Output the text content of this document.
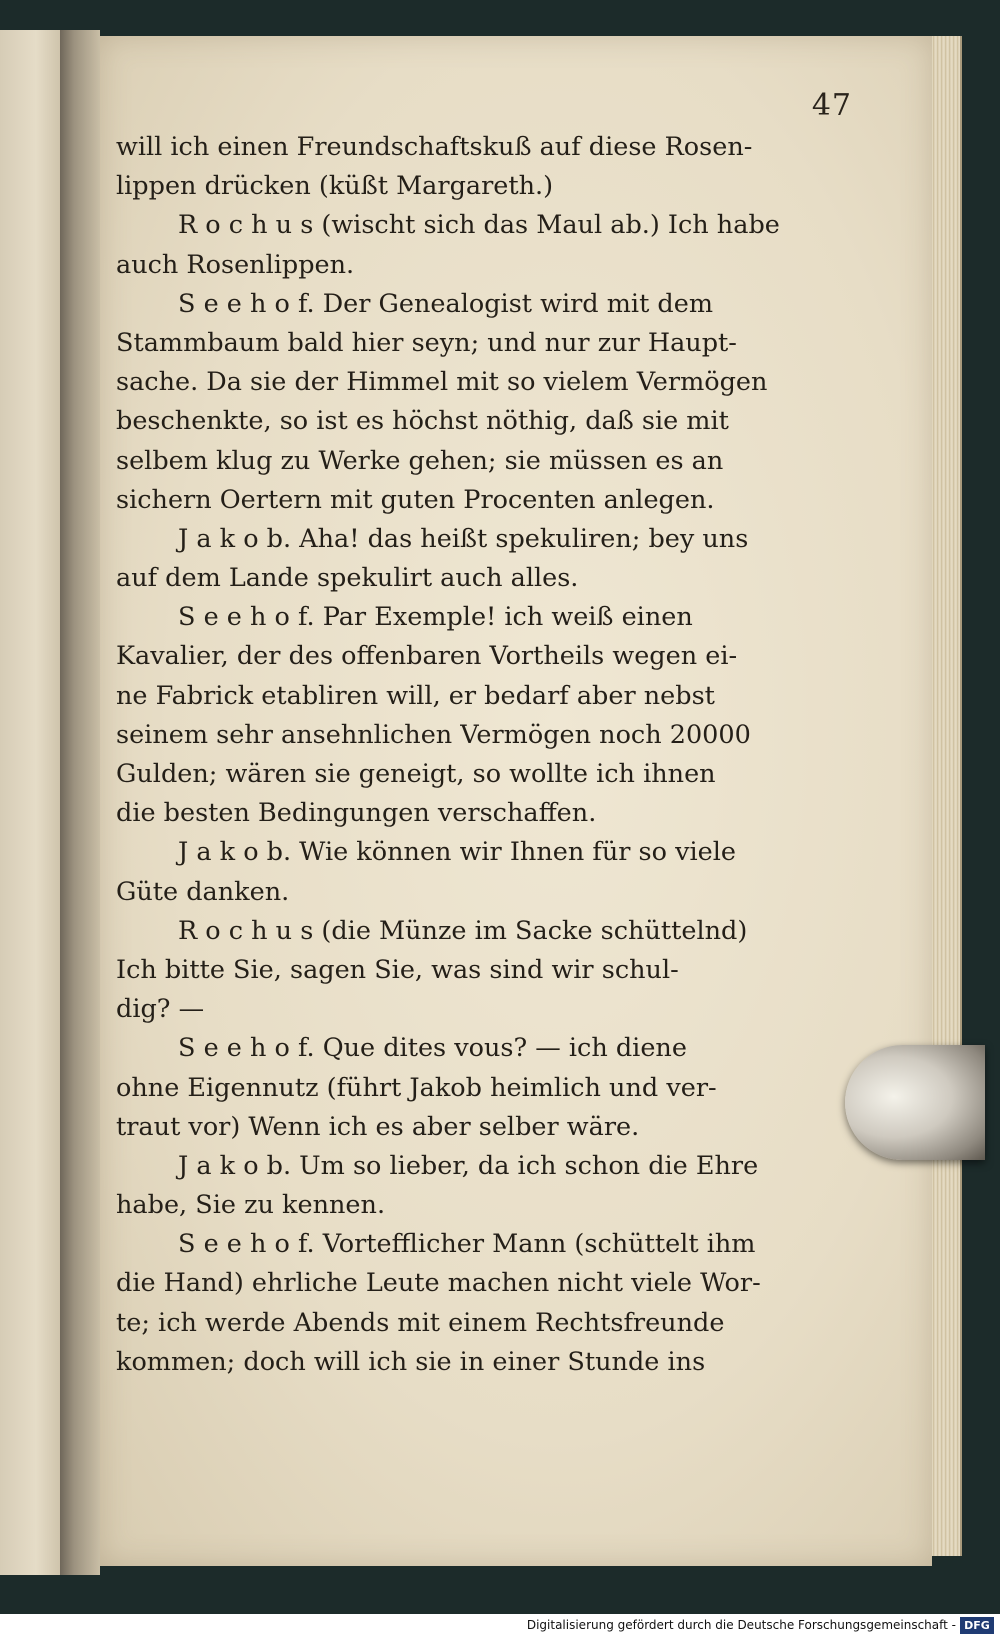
47
will ich einen Freundschaftskuß auf diese Rosen-
lippen drücken (küßt Margareth.)
R o c h u s (wischt sich das Maul ab.) Ich habe
auch Rosenlippen.
S e e h o f. Der Genealogist wird mit dem
Stammbaum bald hier seyn; und nur zur Haupt-
sache. Da sie der Himmel mit so vielem Vermögen
beschenkte, so ist es höchst nöthig, daß sie mit
selbem klug zu Werke gehen; sie müssen es an
sichern Oertern mit guten Procenten anlegen.
J a k o b. Aha! das heißt spekuliren; bey uns
auf dem Lande spekulirt auch alles.
S e e h o f. Par Exemple! ich weiß einen
Kavalier, der des offenbaren Vortheils wegen ei-
ne Fabrick etabliren will, er bedarf aber nebst
seinem sehr ansehnlichen Vermögen noch 20000
Gulden; wären sie geneigt, so wollte ich ihnen
die besten Bedingungen verschaffen.
J a k o b. Wie können wir Ihnen für so viele
Güte danken.
R o c h u s (die Münze im Sacke schüttelnd)
Ich bitte Sie, sagen Sie, was sind wir schul-
dig? —
S e e h o f. Que dites vous? — ich diene
ohne Eigennutz (führt Jakob heimlich und ver-
traut vor) Wenn ich es aber selber wäre.
J a k o b. Um so lieber, da ich schon die Ehre
habe, Sie zu kennen.
S e e h o f. Vortefflicher Mann (schüttelt ihm
die Hand) ehrliche Leute machen nicht viele Wor-
te; ich werde Abends mit einem Rechtsfreunde
kommen; doch will ich sie in einer Stunde ins
Digitalisierung gefördert durch die Deutsche Forschungsgemeinschaft - DFG
